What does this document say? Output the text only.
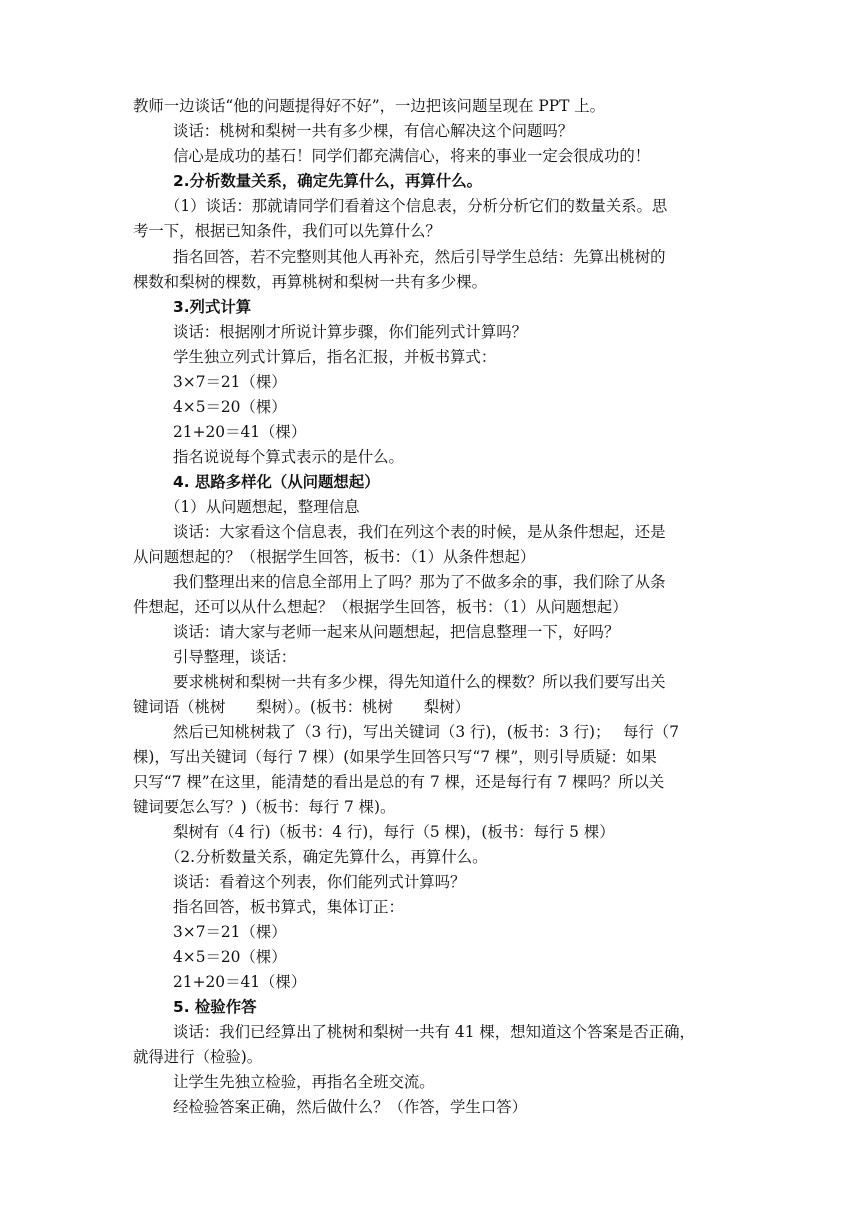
教师一边谈话“他的问题提得好不好”，一边把该问题呈现在 PPT 上。
谈话：桃树和梨树一共有多少棵，有信心解决这个问题吗？
信心是成功的基石！同学们都充满信心，将来的事业一定会很成功的！
2.分析数量关系，确定先算什么，再算什么。
（1）谈话：那就请同学们看着这个信息表，分析分析它们的数量关系。思
考一下，根据已知条件，我们可以先算什么？
指名回答，若不完整则其他人再补充，然后引导学生总结：先算出桃树的
棵数和梨树的棵数，再算桃树和梨树一共有多少棵。
3.列式计算
谈话：根据刚才所说计算步骤，你们能列式计算吗？
学生独立列式计算后，指名汇报，并板书算式：
3×7＝21（棵）
4×5＝20（棵）
21+20＝41（棵）
指名说说每个算式表示的是什么。
4. 思路多样化（从问题想起）
（1）从问题想起，整理信息
谈话：大家看这个信息表，我们在列这个表的时候，是从条件想起，还是
从问题想起的？（根据学生回答，板书：（1）从条件想起）
我们整理出来的信息全部用上了吗？那为了不做多余的事，我们除了从条
件想起，还可以从什么想起？（根据学生回答，板书：（1）从问题想起）
谈话：请大家与老师一起来从问题想起，把信息整理一下，好吗？
引导整理，谈话：
要求桃树和梨树一共有多少棵，得先知道什么的棵数？所以我们要写出关
键词语（桃树　　梨树）。(板书：桃树　　梨树）
然后已知桃树栽了（3 行)，写出关键词（3 行)，(板书：3 行)；　 每行（7
棵)，写出关键词（每行 7 棵）(如果学生回答只写“7 棵”，则引导质疑：如果
只写“7 棵”在这里，能清楚的看出是总的有 7 棵，还是每行有 7 棵吗？所以关
键词要怎么写？)（板书：每行 7 棵)。
梨树有（4 行)（板书：4 行)，每行（5 棵)，(板书：每行 5 棵）
（2.分析数量关系，确定先算什么，再算什么。
谈话：看着这个列表，你们能列式计算吗？
指名回答，板书算式，集体订正：
3×7＝21（棵）
4×5＝20（棵）
21+20＝41（棵）
5. 检验作答
谈话：我们已经算出了桃树和梨树一共有 41 棵，想知道这个答案是否正确，
就得进行（检验)。
让学生先独立检验，再指名全班交流。
经检验答案正确，然后做什么？（作答，学生口答）
